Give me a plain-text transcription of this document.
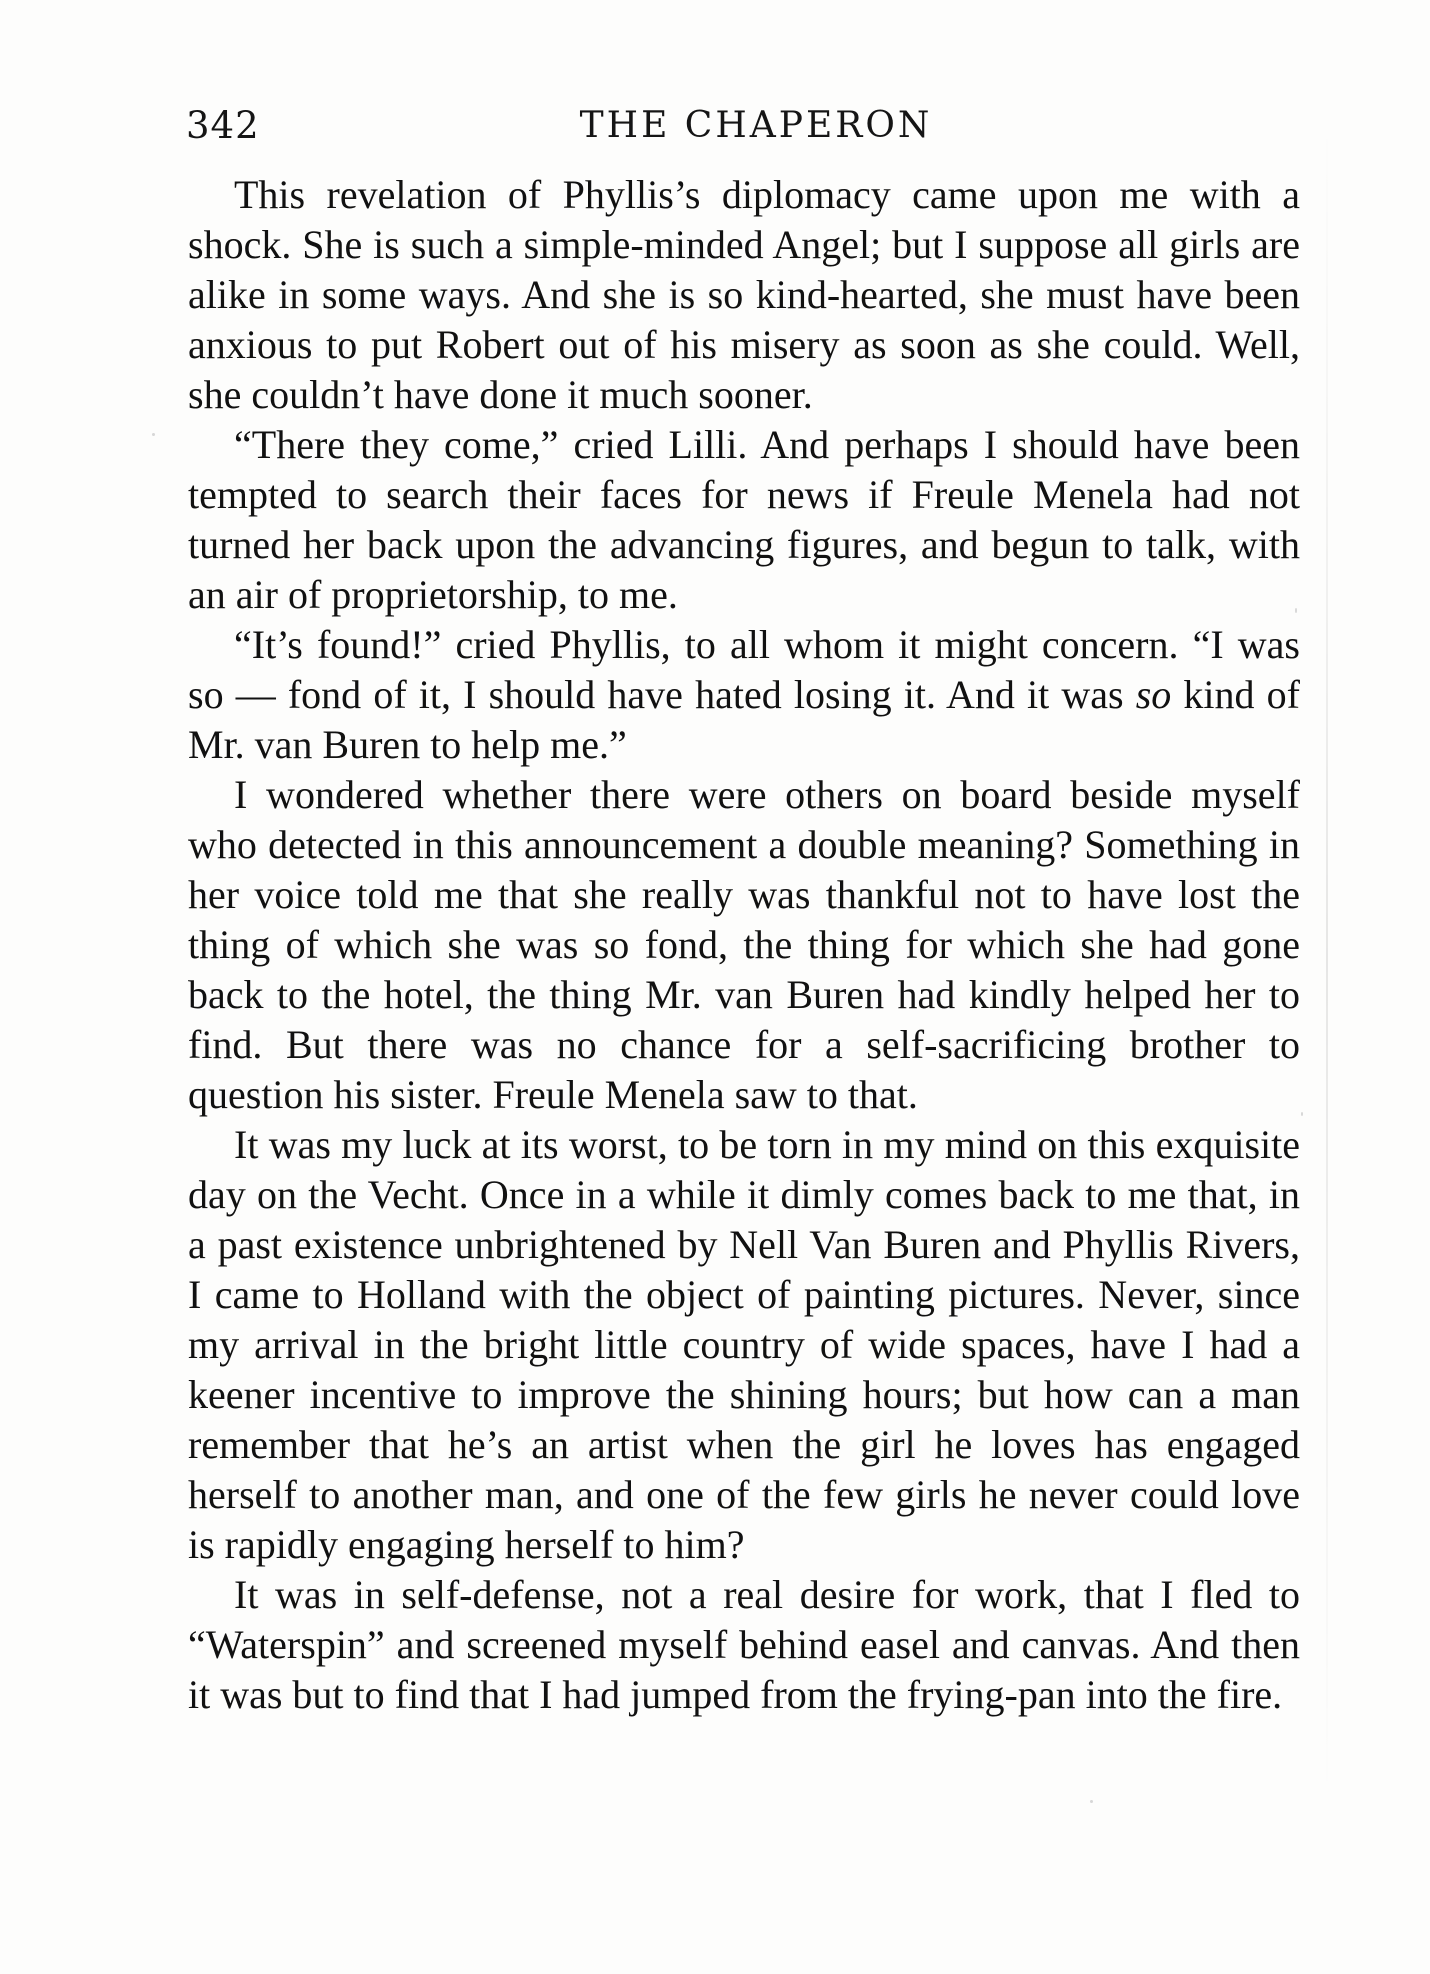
342	THE CHAPERON

This revelation of Phyllis’s diplomacy came upon me with a shock. She is such a simple-minded Angel; but I suppose all girls are alike in some ways. And she is so kind-hearted, she must have been anxious to put Robert out of his misery as soon as she could. Well, she couldn’t have done it much sooner.

“There they come,” cried Lilli. And perhaps I should have been tempted to search their faces for news if Freule Menela had not turned her back upon the advancing figures, and begun to talk, with an air of proprietorship, to me.

“It’s found!” cried Phyllis, to all whom it might concern. “I was so — fond of it, I should have hated losing it. And it was so kind of Mr. van Buren to help me.”

I wondered whether there were others on board beside myself who detected in this announcement a double meaning? Something in her voice told me that she really was thankful not to have lost the thing of which she was so fond, the thing for which she had gone back to the hotel, the thing Mr. van Buren had kindly helped her to find. But there was no chance for a self-sacrificing brother to question his sister. Freule Menela saw to that.

It was my luck at its worst, to be torn in my mind on this exquisite day on the Vecht. Once in a while it dimly comes back to me that, in a past existence unbrightened by Nell Van Buren and Phyllis Rivers, I came to Holland with the object of painting pictures. Never, since my arrival in the bright little country of wide spaces, have I had a keener incentive to improve the shining hours; but how can a man remember that he’s an artist when the girl he loves has engaged herself to another man, and one of the few girls he never could love is rapidly engaging herself to him?

It was in self-defense, not a real desire for work, that I fled to “Waterspin” and screened myself behind easel and canvas. And then it was but to find that I had jumped from the frying-pan into the fire.
